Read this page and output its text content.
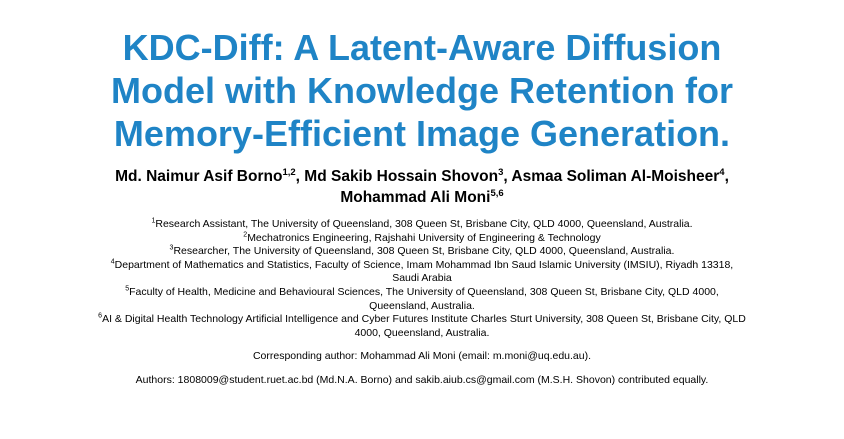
KDC-Diff: A Latent-Aware Diffusion
Model with Knowledge Retention for
Memory-Efficient Image Generation.
Md. Naimur Asif Borno$^{1,2}$, Md Sakib Hossain Shovon$^3$, Asmaa Soliman Al-Moisheer$^4$,
Mohammad Ali Moni$^{5,6}$
$^1$Research Assistant, The University of Queensland, 308 Queen St, Brisbane City, QLD 4000, Queensland, Australia.
$^2$Mechatronics Engineering, Rajshahi University of Engineering & Technology
$^3$Researcher, The University of Queensland, 308 Queen St, Brisbane City, QLD 4000, Queensland, Australia.
$^4$Department of Mathematics and Statistics, Faculty of Science, Imam Mohammad Ibn Saud Islamic University (IMSIU), Riyadh 13318,
Saudi Arabia
$^5$Faculty of Health, Medicine and Behavioural Sciences, The University of Queensland, 308 Queen St, Brisbane City, QLD 4000,
Queensland, Australia.
$^6$AI & Digital Health Technology Artificial Intelligence and Cyber Futures Institute Charles Sturt University, 308 Queen St, Brisbane City, QLD
4000, Queensland, Australia.
Corresponding author: Mohammad Ali Moni (email: m.moni@uq.edu.au).
Authors: 1808009@student.ruet.ac.bd (Md.N.A. Borno) and sakib.aiub.cs@gmail.com (M.S.H. Shovon) contributed equally.
